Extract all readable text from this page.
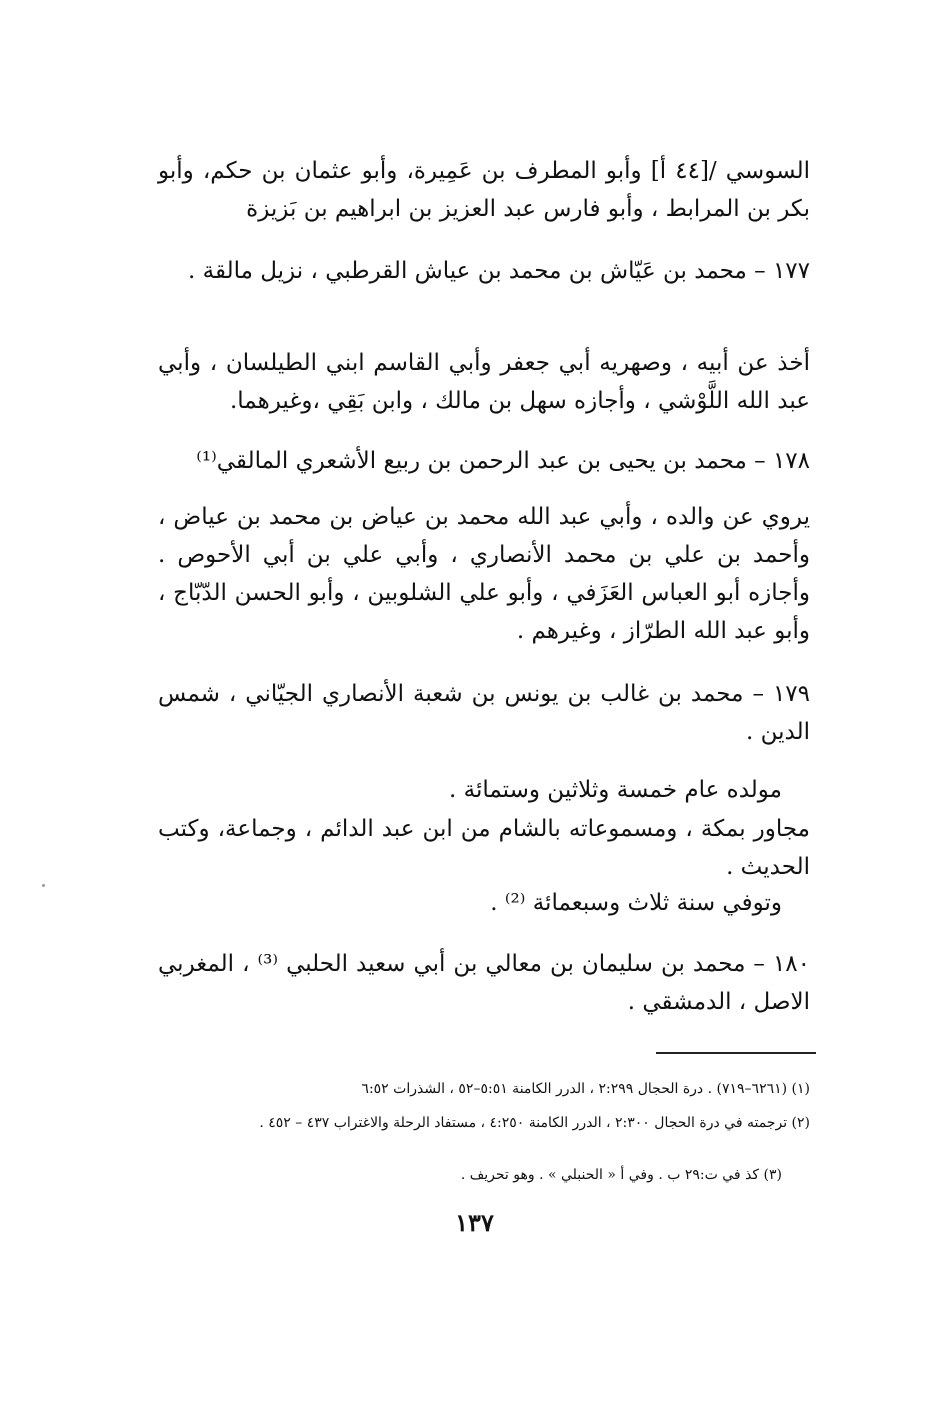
السوسي /[٤٤ أ] وأبو المطرف بن عَمِيرة، وأبو عثمان بن حكم، وأبو بكر بن المرابط ، وأبو فارس عبد العزيز بن ابراهيم بن بَزيزة

١٧٧ – محمد بن عَيّاش بن محمد بن عياش القرطبي ، نزيل مالقة .

أخذ عن أبيه ، وصهريه أبي جعفر وأبي القاسم ابني الطيلسان ، وأبي عبد الله اللَّوْشي ، وأجازه سهل بن مالك ، وابن بَقِي ،وغيرهما.

١٧٨ – محمد بن يحيى بن عبد الرحمن بن ربيع الأشعري المالقي⁽¹⁾

يروي عن والده ، وأبي عبد الله محمد بن عياض بن محمد بن عياض ، وأحمد بن علي بن محمد الأنصاري ، وأبي علي بن أبي الأحوص . وأجازه أبو العباس العَزَفي ، وأبو علي الشلوبين ، وأبو الحسن الدّبّاج ، وأبو عبد الله الطرّاز ، وغيرهم .

١٧٩ – محمد بن غالب بن يونس بن شعبة الأنصاري الجيّاني ، شمس الدين .

مولده عام خمسة وثلاثين وستمائة .

مجاور بمكة ، ومسموعاته بالشام من ابن عبد الدائم ، وجماعة، وكتب الحديث .

وتوفي سنة ثلاث وسبعمائة ⁽²⁾ .

١٨٠ – محمد بن سليمان بن معالي بن أبي سعيد الحلبي ⁽³⁾ ، المغربي الاصل ، الدمشقي .

(١) (٦٢٦١–٧١٩) . درة الحجال ٢:٢٩٩ ، الدرر الكامنة ٥:٥١–٥٢ ، الشذرات ٦:٥٢

(٢) ترجمته في درة الحجال ٢:٣٠٠ ، الدرر الكامنة ٤:٢٥٠ ، مستفاد الرحلة والاغتراب ٤٣٧ – ٤٥٢ .

(٣) كذ في ت:٢٩ ب . وفي أ « الحنبلي » . وهو تحريف .

١٣٧
